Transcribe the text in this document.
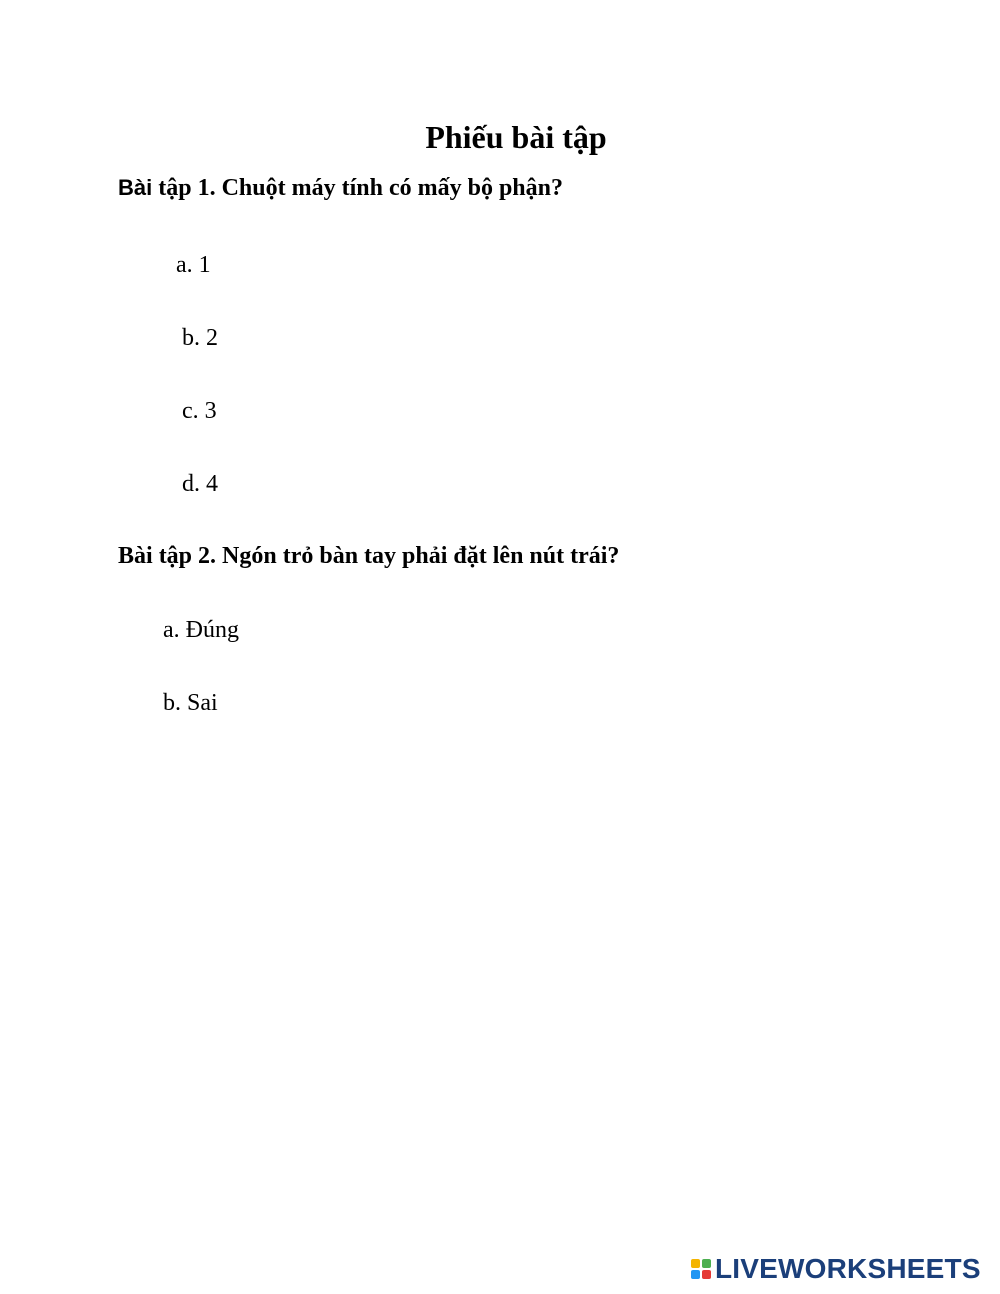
Phiếu bài tập
Bài tập 1. Chuột máy tính có mấy bộ phận?
a. 1
b. 2
c. 3
d. 4
Bài tập 2. Ngón trỏ bàn tay phải đặt lên nút trái?
a. Đúng
b. Sai
LIVEWORKSHEETS
